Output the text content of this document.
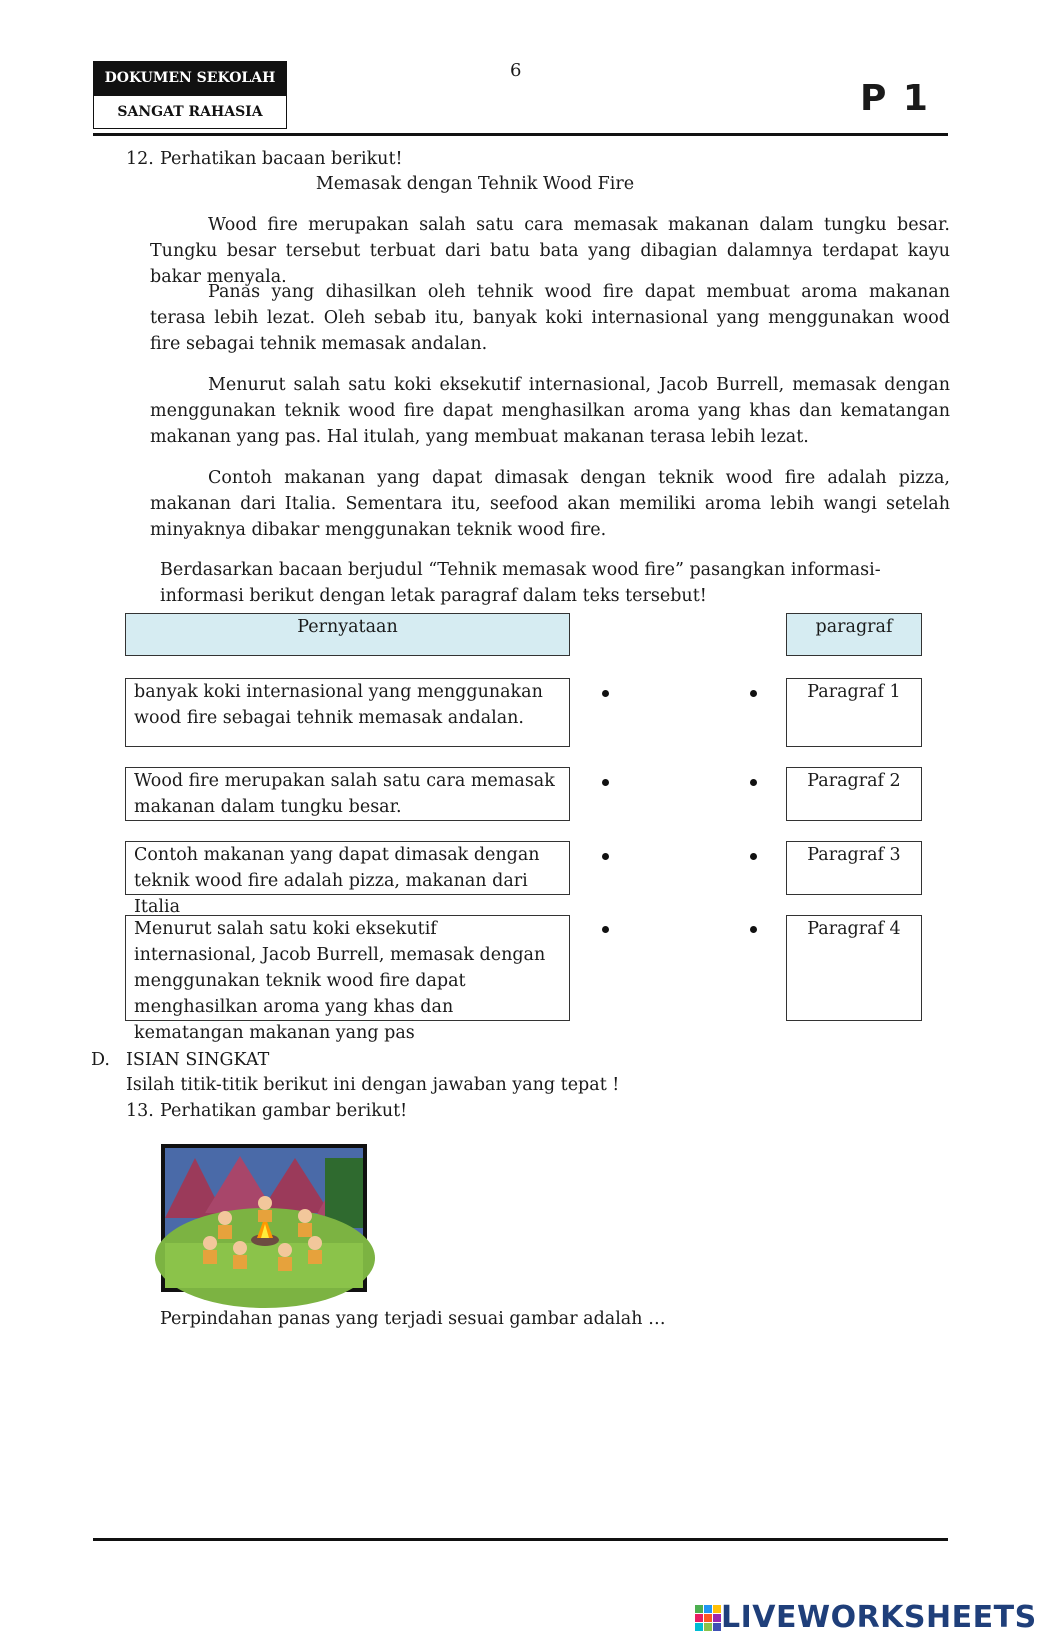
DOKUMEN SEKOLAH
SANGAT RAHASIA
6
P 1
12. Perhatikan bacaan berikut!
Memasak dengan Tehnik Wood Fire
Wood fire merupakan salah satu cara memasak makanan dalam tungku besar. Tungku besar tersebut terbuat dari batu bata yang dibagian dalamnya terdapat kayu bakar menyala.
Panas yang dihasilkan oleh tehnik wood fire dapat membuat aroma makanan terasa lebih lezat. Oleh sebab itu, banyak koki internasional yang menggunakan wood fire sebagai tehnik memasak andalan.
Menurut salah satu koki eksekutif internasional, Jacob Burrell, memasak dengan menggunakan teknik wood fire dapat menghasilkan aroma yang khas dan kematangan makanan yang pas. Hal itulah, yang membuat makanan terasa lebih lezat.
Contoh makanan yang dapat dimasak dengan teknik wood fire adalah pizza, makanan dari Italia. Sementara itu, seefood akan memiliki aroma lebih wangi setelah minyaknya dibakar menggunakan teknik wood fire.
Berdasarkan bacaan berjudul “Tehnik memasak wood fire” pasangkan informasi-informasi berikut dengan letak paragraf dalam teks tersebut!
Pernyataan	paragraf
banyak koki internasional yang menggunakan wood fire sebagai tehnik memasak andalan.
Paragraf 1
Wood fire merupakan salah satu cara memasak makanan dalam tungku besar.
Paragraf 2
Contoh makanan yang dapat dimasak dengan teknik wood fire adalah pizza, makanan dari Italia
Paragraf 3
Menurut salah satu koki eksekutif internasional, Jacob Burrell, memasak dengan menggunakan teknik wood fire dapat menghasilkan aroma yang khas dan kematangan makanan yang pas
Paragraf 4
D. ISIAN SINGKAT
Isilah titik-titik berikut ini dengan jawaban yang tepat !
13. Perhatikan gambar berikut!
Perpindahan panas yang terjadi sesuai gambar adalah …
LIVEWORKSHEETS
